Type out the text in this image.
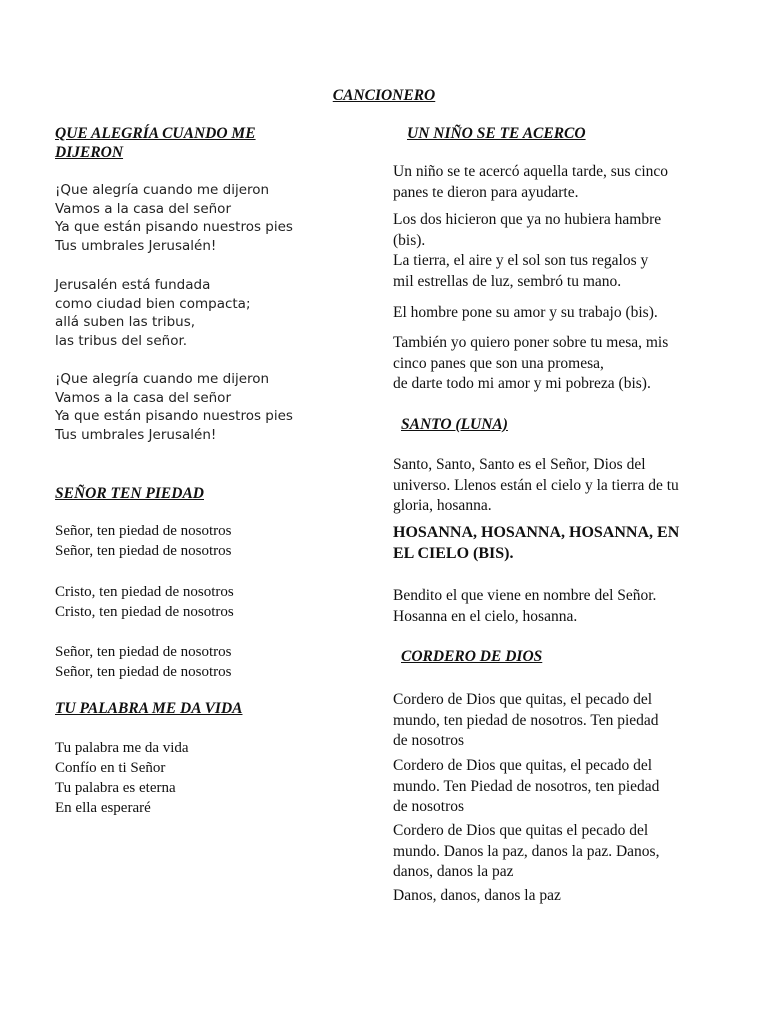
CANCIONERO
QUE ALEGRÍA CUANDO ME
DIJERON
¡Que alegría cuando me dijeron
Vamos a la casa del señor
Ya que están pisando nuestros pies
Tus umbrales Jerusalén!
Jerusalén está fundada
como ciudad bien compacta;
allá suben las tribus,
las tribus del señor.
¡Que alegría cuando me dijeron
Vamos a la casa del señor
Ya que están pisando nuestros pies
Tus umbrales Jerusalén!
SEÑOR TEN PIEDAD
Señor, ten piedad de nosotros
Señor, ten piedad de nosotros
Cristo, ten piedad de nosotros
Cristo, ten piedad de nosotros
Señor, ten piedad de nosotros
Señor, ten piedad de nosotros
TU PALABRA ME DA VIDA
Tu palabra me da vida
Confío en ti Señor
Tu palabra es eterna
En ella esperaré
UN NIÑO SE TE ACERCO
Un niño se te acercó aquella tarde, sus cinco
panes te dieron para ayudarte.
Los dos hicieron que ya no hubiera hambre
(bis).
La tierra, el aire y el sol son tus regalos y
mil estrellas de luz, sembró tu mano.
El hombre pone su amor y su trabajo (bis).
También yo quiero poner sobre tu mesa, mis
cinco panes que son una promesa,
de darte todo mi amor y mi pobreza (bis).
SANTO (LUNA)
Santo, Santo, Santo es el Señor, Dios del
universo. Llenos están el cielo y la tierra de tu
gloria, hosanna.
HOSANNA, HOSANNA, HOSANNA, EN
EL CIELO (BIS).
Bendito el que viene en nombre del Señor.
Hosanna en el cielo, hosanna.
CORDERO DE DIOS
Cordero de Dios que quitas, el pecado del
mundo, ten piedad de nosotros. Ten piedad
de nosotros
Cordero de Dios que quitas, el pecado del
mundo. Ten Piedad de nosotros, ten piedad
de nosotros
Cordero de Dios que quitas el pecado del
mundo. Danos la paz, danos la paz. Danos,
danos, danos la paz
Danos, danos, danos la paz
